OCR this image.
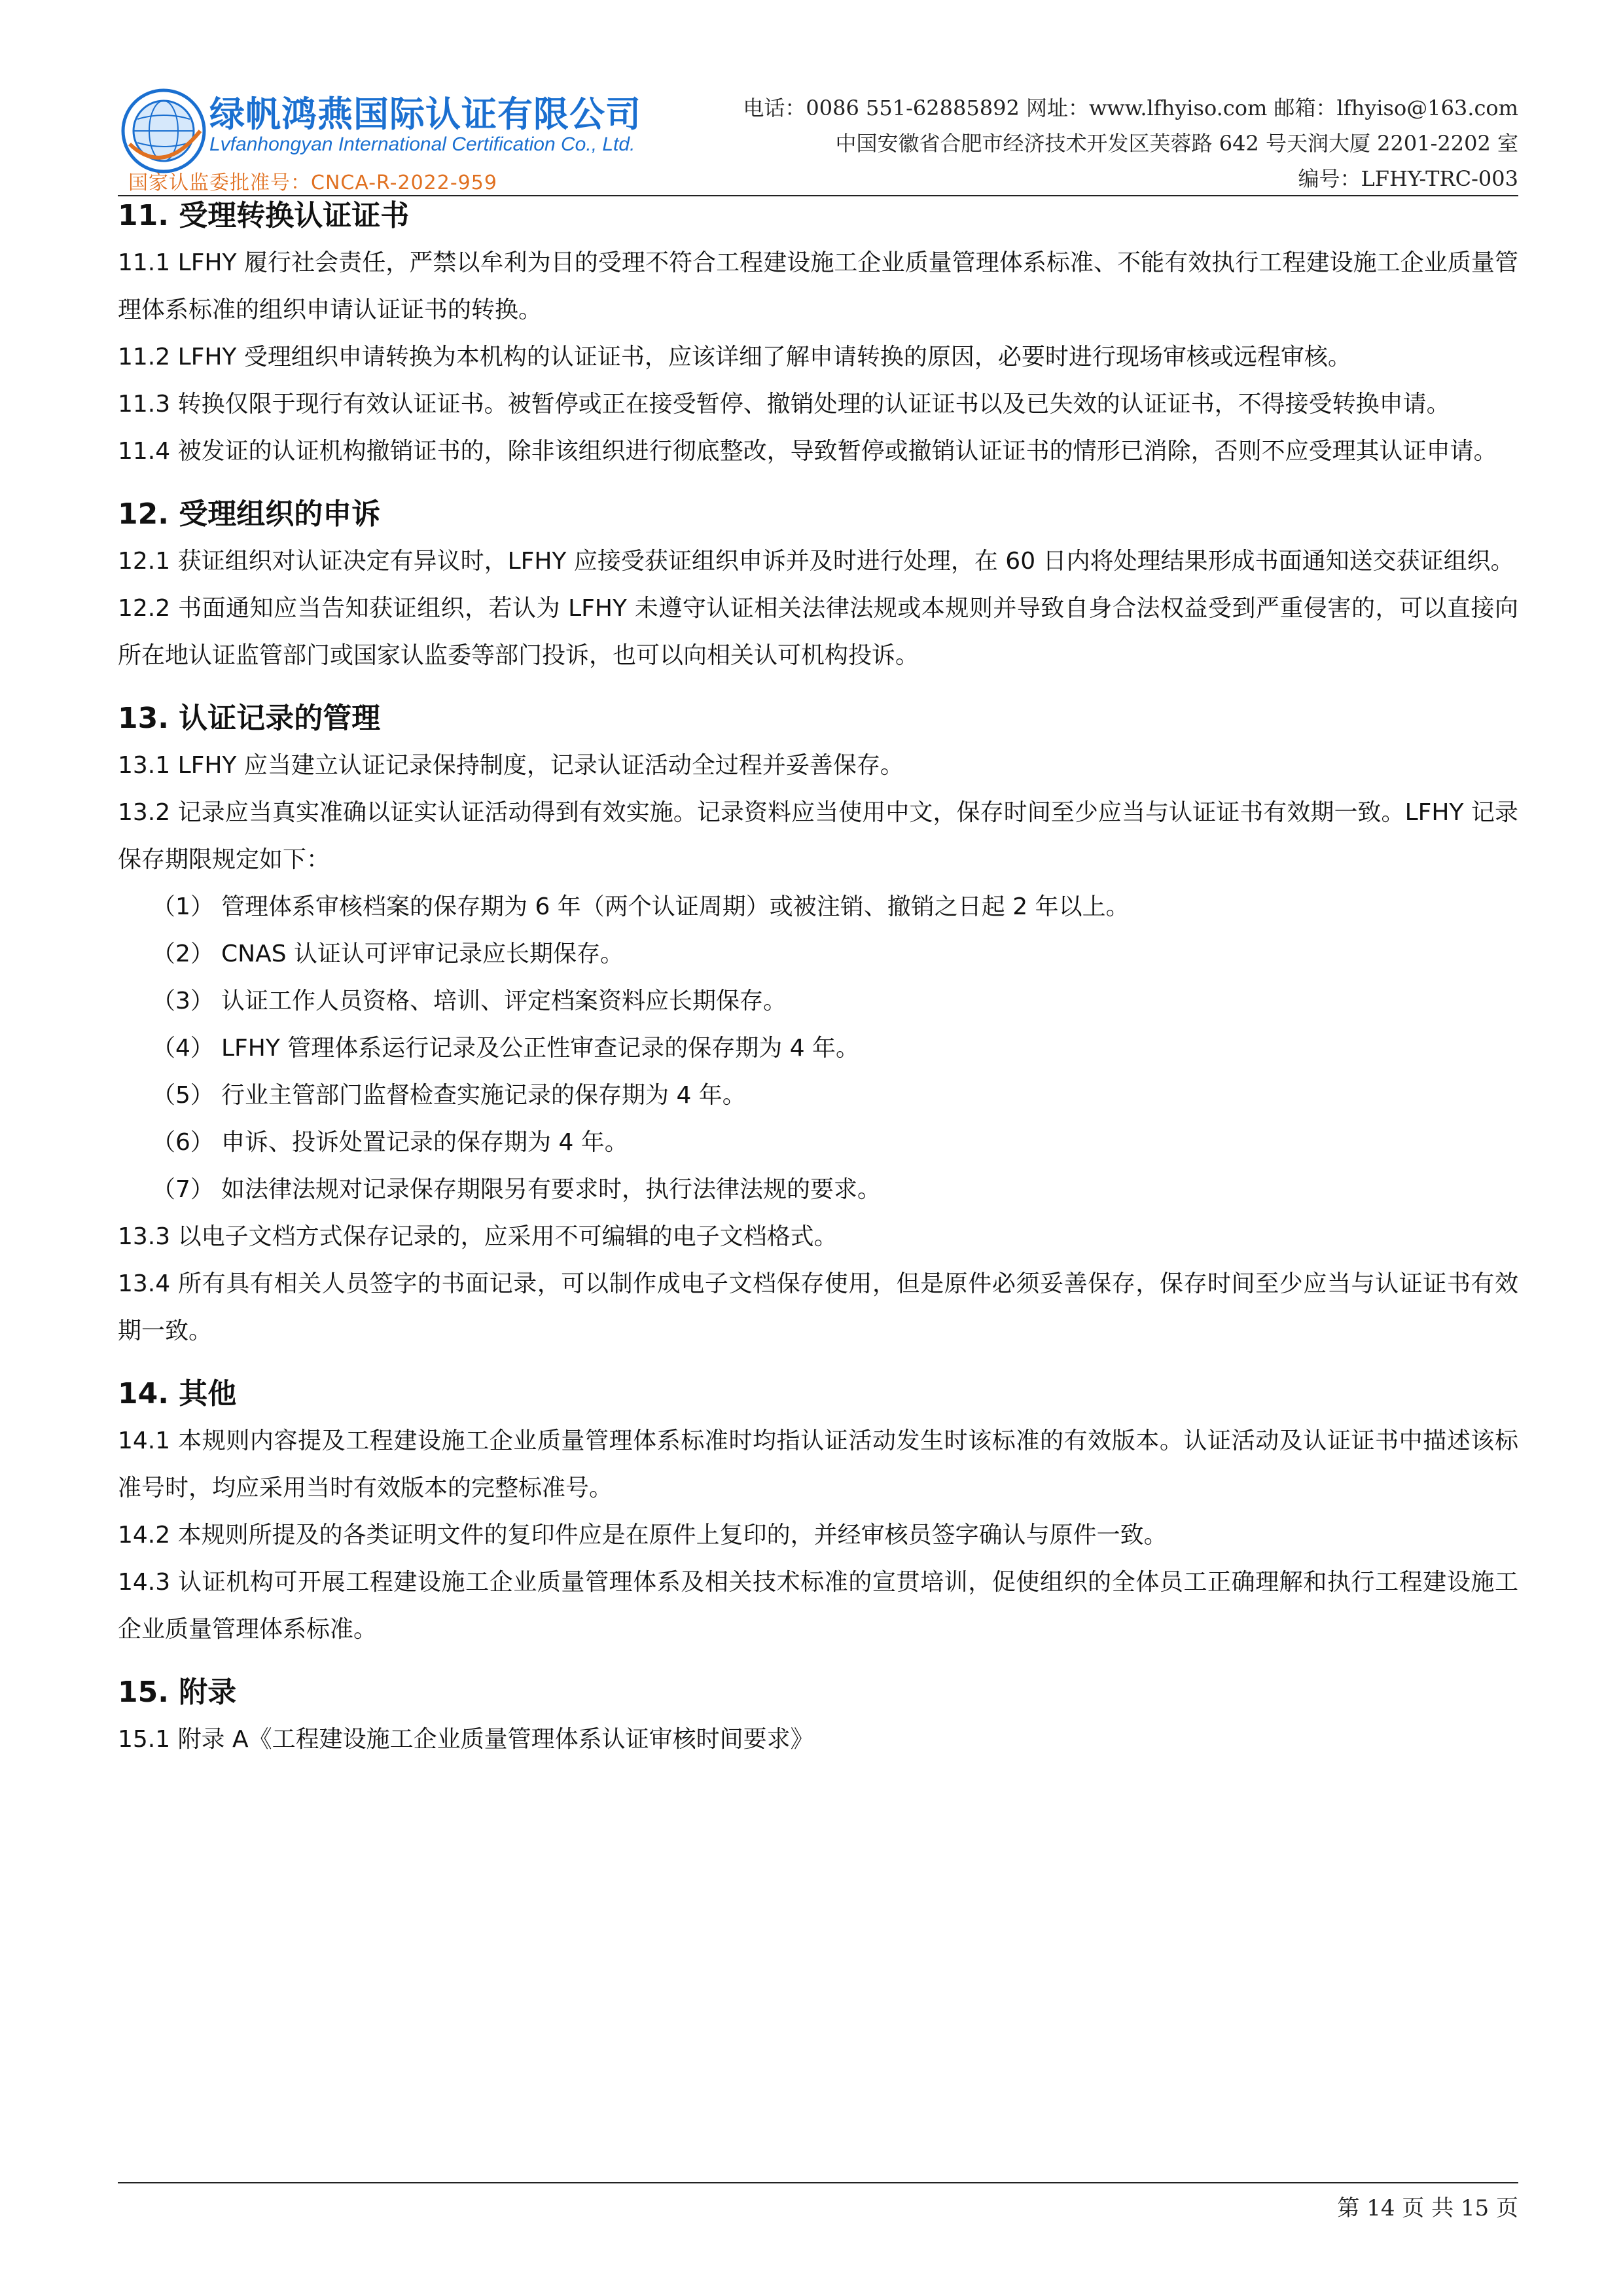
绿帆鸿燕国际认证有限公司
Lvfanhongyan International Certification Co., Ltd.
国家认监委批准号：CNCA-R-2022-959
电话：0086 551-62885892 网址：www.lfhyiso.com 邮箱：lfhyiso@163.com
中国安徽省合肥市经济技术开发区芙蓉路 642 号天润大厦 2201-2202 室
编号：LFHY-TRC-003
11. 受理转换认证证书

11.1 LFHY 履行社会责任，严禁以牟利为目的受理不符合工程建设施工企业质量管理体系标准、不能有效执行工程建设施工企业质量管理体系标准的组织申请认证证书的转换。

11.2 LFHY 受理组织申请转换为本机构的认证证书，应该详细了解申请转换的原因，必要时进行现场审核或远程审核。

11.3 转换仅限于现行有效认证证书。被暂停或正在接受暂停、撤销处理的认证证书以及已失效的认证证书，不得接受转换申请。

11.4 被发证的认证机构撤销证书的，除非该组织进行彻底整改，导致暂停或撤销认证证书的情形已消除，否则不应受理其认证申请。

12. 受理组织的申诉

12.1 获证组织对认证决定有异议时，LFHY 应接受获证组织申诉并及时进行处理，在 60 日内将处理结果形成书面通知送交获证组织。

12.2 书面通知应当告知获证组织，若认为 LFHY 未遵守认证相关法律法规或本规则并导致自身合法权益受到严重侵害的，可以直接向所在地认证监管部门或国家认监委等部门投诉，也可以向相关认可机构投诉。

13. 认证记录的管理

13.1 LFHY 应当建立认证记录保持制度，记录认证活动全过程并妥善保存。

13.2 记录应当真实准确以证实认证活动得到有效实施。记录资料应当使用中文，保存时间至少应当与认证证书有效期一致。LFHY 记录保存期限规定如下：

（1） 管理体系审核档案的保存期为 6 年（两个认证周期）或被注销、撤销之日起 2 年以上。
（2） CNAS 认证认可评审记录应长期保存。
（3） 认证工作人员资格、培训、评定档案资料应长期保存。
（4） LFHY 管理体系运行记录及公正性审查记录的保存期为 4 年。
（5） 行业主管部门监督检查实施记录的保存期为 4 年。
（6） 申诉、投诉处置记录的保存期为 4 年。
（7） 如法律法规对记录保存期限另有要求时，执行法律法规的要求。

13.3 以电子文档方式保存记录的，应采用不可编辑的电子文档格式。

13.4 所有具有相关人员签字的书面记录，可以制作成电子文档保存使用，但是原件必须妥善保存，保存时间至少应当与认证证书有效期一致。

14. 其他

14.1 本规则内容提及工程建设施工企业质量管理体系标准时均指认证活动发生时该标准的有效版本。认证活动及认证证书中描述该标准号时，均应采用当时有效版本的完整标准号。

14.2 本规则所提及的各类证明文件的复印件应是在原件上复印的，并经审核员签字确认与原件一致。

14.3 认证机构可开展工程建设施工企业质量管理体系及相关技术标准的宣贯培训，促使组织的全体员工正确理解和执行工程建设施工企业质量管理体系标准。

15. 附录

15.1 附录 A《工程建设施工企业质量管理体系认证审核时间要求》

第 14 页 共 15 页
